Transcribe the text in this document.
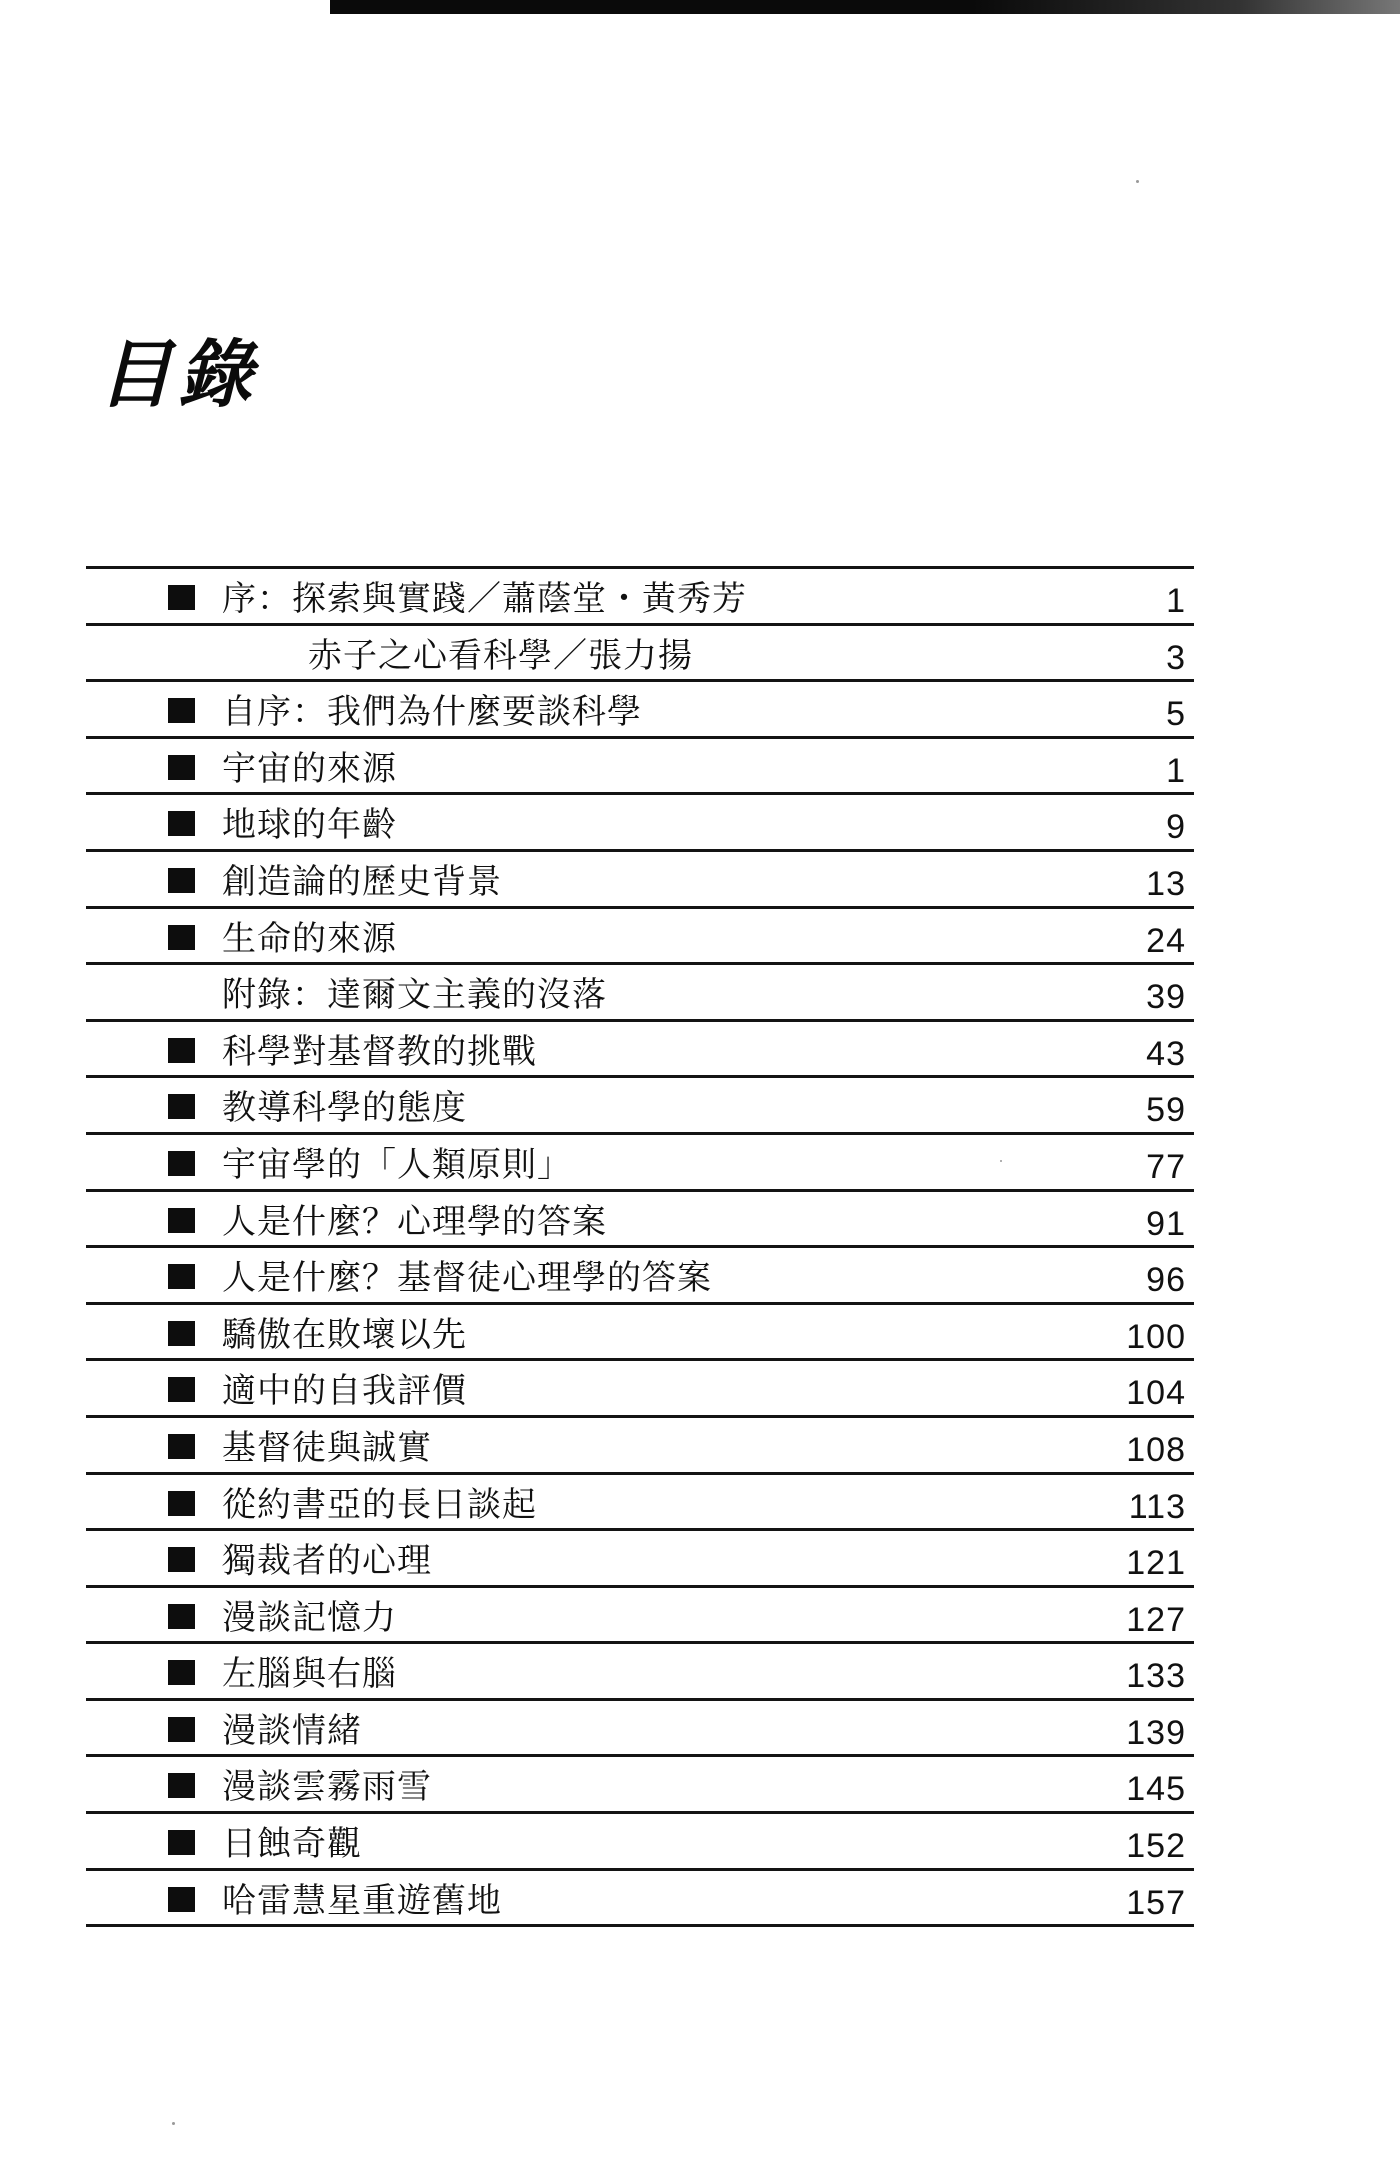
目錄
序：探索與實踐／蕭蔭堂・黃秀芳	1
赤子之心看科學／張力揚	3
自序：我們為什麼要談科學	5
宇宙的來源	1
地球的年齡	9
創造論的歷史背景	13
生命的來源	24
附錄：達爾文主義的沒落	39
科學對基督教的挑戰	43
教導科學的態度	59
宇宙學的「人類原則」	77
人是什麼？心理學的答案	91
人是什麼？基督徒心理學的答案	96
驕傲在敗壞以先	100
適中的自我評價	104
基督徒與誠實	108
從約書亞的長日談起	113
獨裁者的心理	121
漫談記憶力	127
左腦與右腦	133
漫談情緒	139
漫談雲霧雨雪	145
日蝕奇觀	152
哈雷慧星重遊舊地	157
